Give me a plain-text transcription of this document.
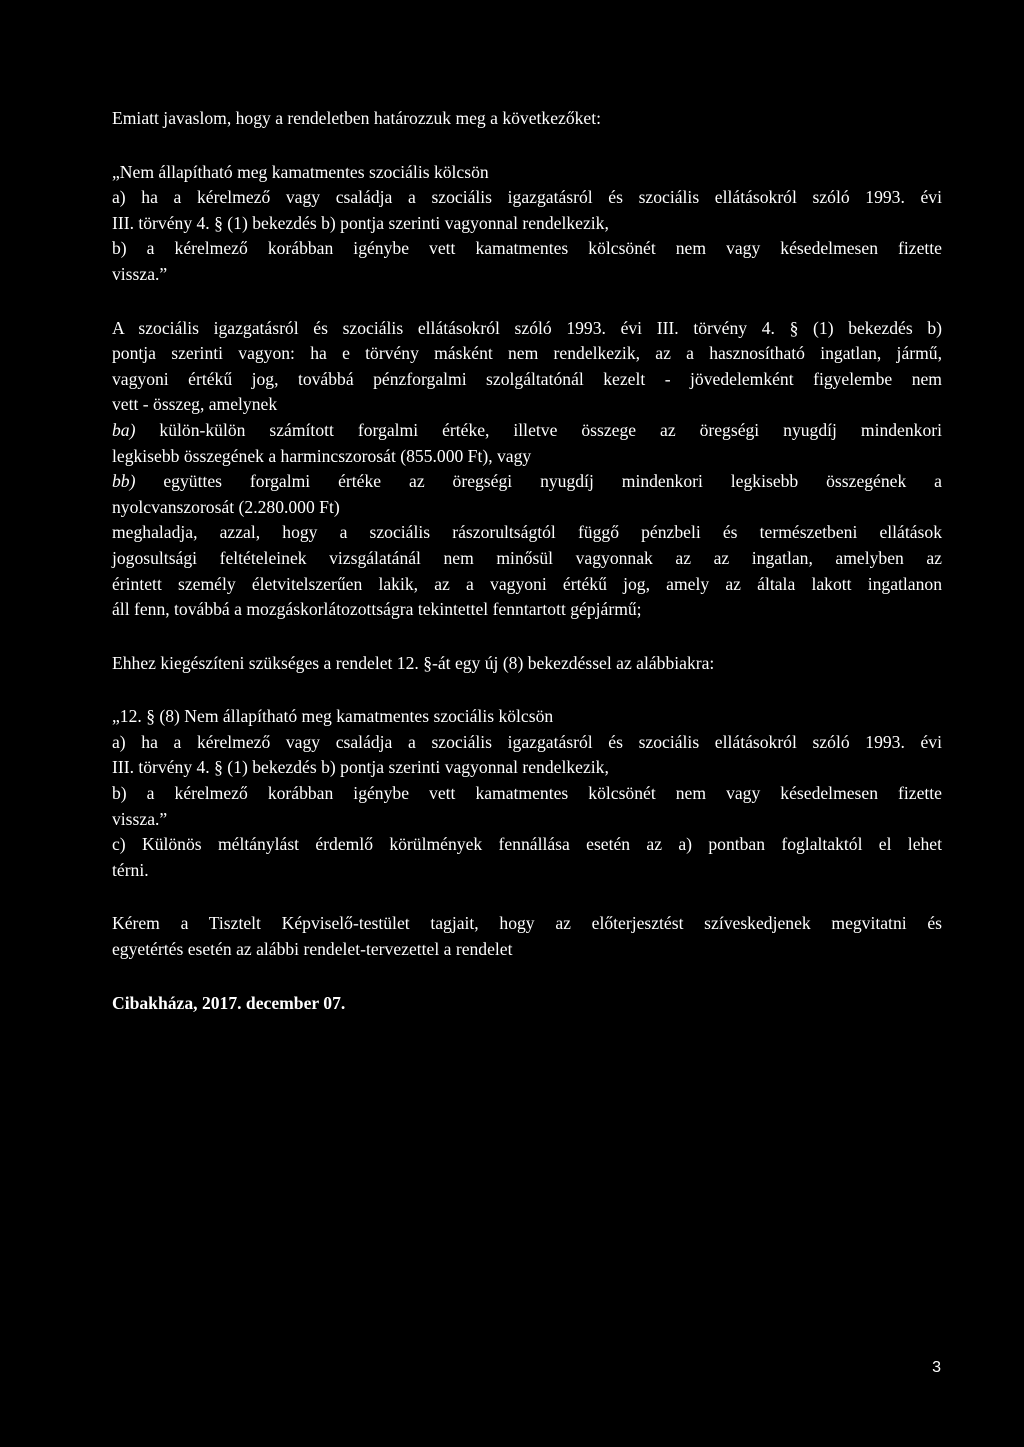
Emiatt javaslom, hogy a rendeletben határozzuk meg a következőket:

„Nem állapítható meg kamatmentes szociális kölcsön

a) ha a kérelmező vagy családja a szociális igazgatásról és szociális ellátásokról szóló 1993. évi

III. törvény 4. § (1) bekezdés b) pontja szerinti vagyonnal rendelkezik,

b) a kérelmező korábban igénybe vett kamatmentes kölcsönét nem vagy késedelmesen fizette

vissza.”

A szociális igazgatásról és szociális ellátásokról szóló 1993. évi III. törvény 4. § (1) bekezdés b)

pontja szerinti vagyon: ha e törvény másként nem rendelkezik, az a hasznosítható ingatlan, jármű,

vagyoni értékű jog, továbbá pénzforgalmi szolgáltatónál kezelt - jövedelemként figyelembe nem

vett - összeg, amelynek

ba) külön-külön számított forgalmi értéke, illetve összege az öregségi nyugdíj mindenkori

legkisebb összegének a harmincszorosát (855.000 Ft), vagy

bb) együttes forgalmi értéke az öregségi nyugdíj mindenkori legkisebb összegének a

nyolcvanszorosát (2.280.000 Ft)

meghaladja, azzal, hogy a szociális rászorultságtól függő pénzbeli és természetbeni ellátások

jogosultsági feltételeinek vizsgálatánál nem minősül vagyonnak az az ingatlan, amelyben az

érintett személy életvitelszerűen lakik, az a vagyoni értékű jog, amely az általa lakott ingatlanon

áll fenn, továbbá a mozgáskorlátozottságra tekintettel fenntartott gépjármű;

Ehhez kiegészíteni szükséges a rendelet 12. §-át egy új (8) bekezdéssel az alábbiakra:

„12. § (8) Nem állapítható meg kamatmentes szociális kölcsön

a) ha a kérelmező vagy családja a szociális igazgatásról és szociális ellátásokról szóló 1993. évi

III. törvény 4. § (1) bekezdés b) pontja szerinti vagyonnal rendelkezik,

b) a kérelmező korábban igénybe vett kamatmentes kölcsönét nem vagy késedelmesen fizette

vissza.”

c) Különös méltánylást érdemlő körülmények fennállása esetén az a) pontban foglaltaktól el lehet

térni.

Kérem a Tisztelt Képviselő-testület tagjait, hogy az előterjesztést szíveskedjenek megvitatni és

egyetértés esetén az alábbi rendelet-tervezettel a rendelet

Cibakháza, 2017. december 07.

3
